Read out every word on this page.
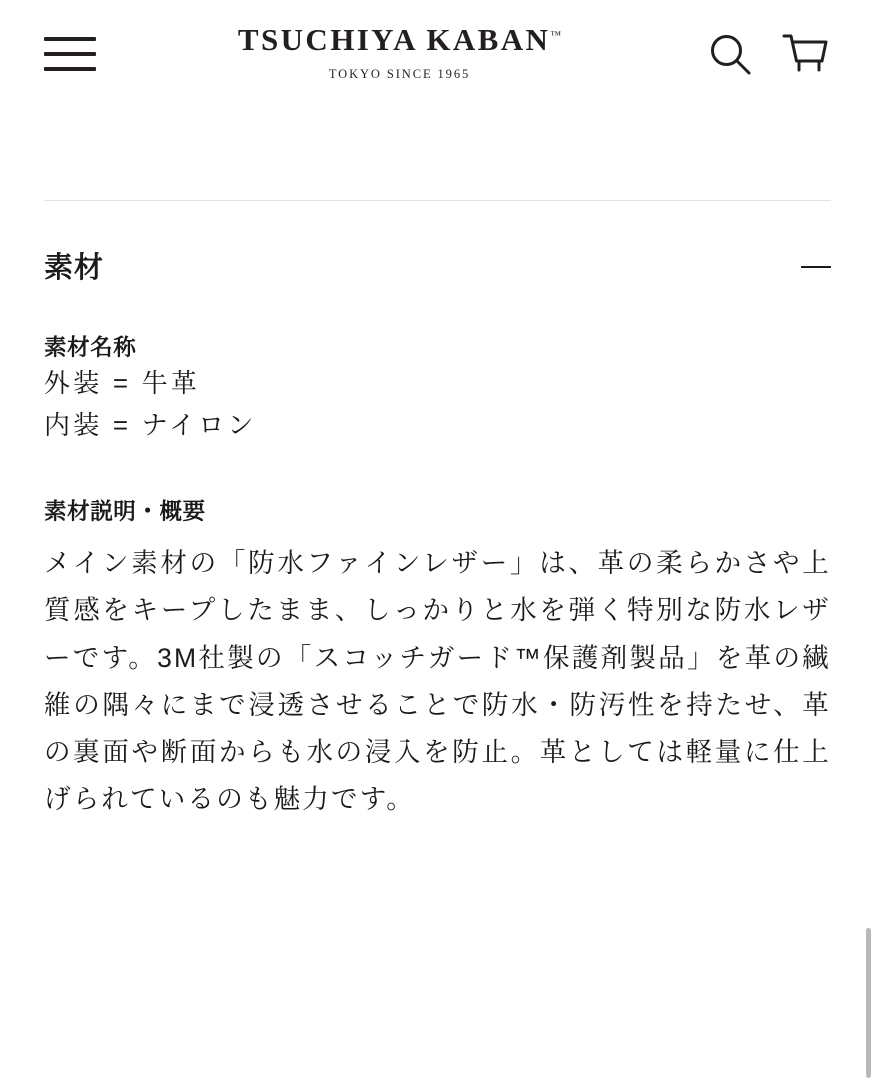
TSUCHIYA KABAN™
TOKYO SINCE 1965
素材
素材名称
外装 = 牛革
内装 = ナイロン
素材説明・概要
メイン素材の「防水ファインレザー」は、革の柔らかさや上質感をキープしたまま、しっかりと水を弾く特別な防水レザーです。3M社製の「スコッチガード™保護剤製品」を革の繊維の隅々にまで浸透させることで防水・防汚性を持たせ、革の裏面や断面からも水の浸入を防止。革としては軽量に仕上げられているのも魅力です。
